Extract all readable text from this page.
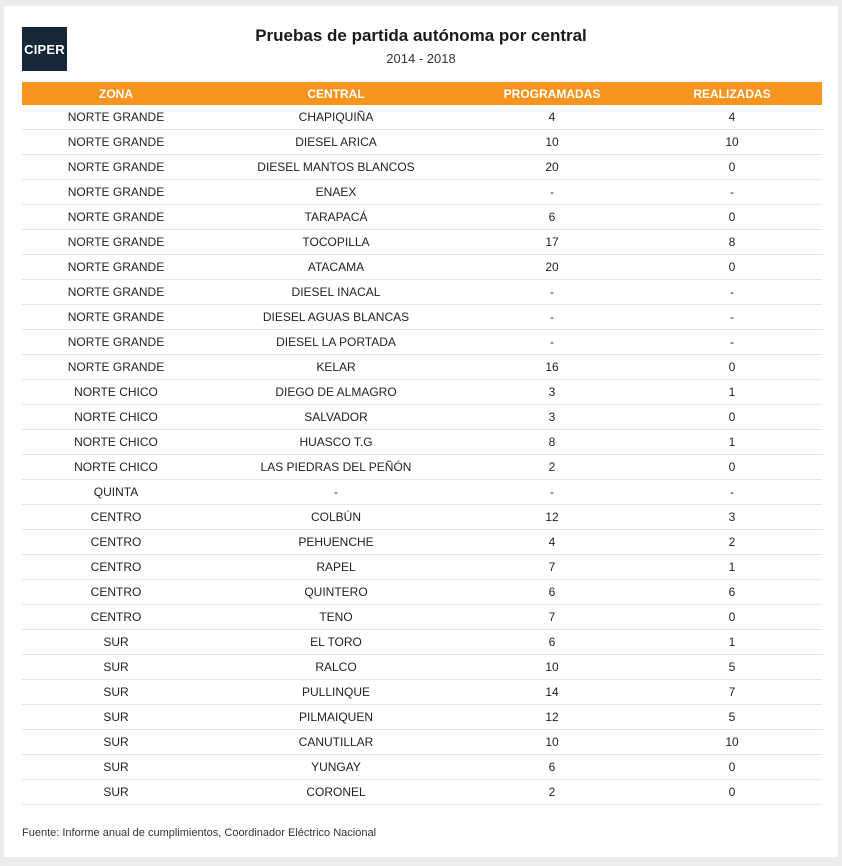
CIPER
Pruebas de partida autónoma por central
2014 - 2018
ZONA	CENTRAL	PROGRAMADAS	REALIZADAS
NORTE GRANDE	CHAPIQUIÑA	4	4
NORTE GRANDE	DIESEL ARICA	10	10
NORTE GRANDE	DIESEL MANTOS BLANCOS	20	0
NORTE GRANDE	ENAEX	-	-
NORTE GRANDE	TARAPACÁ	6	0
NORTE GRANDE	TOCOPILLA	17	8
NORTE GRANDE	ATACAMA	20	0
NORTE GRANDE	DIESEL INACAL	-	-
NORTE GRANDE	DIESEL AGUAS BLANCAS	-	-
NORTE GRANDE	DIESEL LA PORTADA	-	-
NORTE GRANDE	KELAR	16	0
NORTE CHICO	DIEGO DE ALMAGRO	3	1
NORTE CHICO	SALVADOR	3	0
NORTE CHICO	HUASCO T.G	8	1
NORTE CHICO	LAS PIEDRAS DEL PEÑÓN	2	0
QUINTA	-	-	-
CENTRO	COLBÚN	12	3
CENTRO	PEHUENCHE	4	2
CENTRO	RAPEL	7	1
CENTRO	QUINTERO	6	6
CENTRO	TENO	7	0
SUR	EL TORO	6	1
SUR	RALCO	10	5
SUR	PULLINQUE	14	7
SUR	PILMAIQUEN	12	5
SUR	CANUTILLAR	10	10
SUR	YUNGAY	6	0
SUR	CORONEL	2	0
Fuente: Informe anual de cumplimientos, Coordinador Eléctrico Nacional
